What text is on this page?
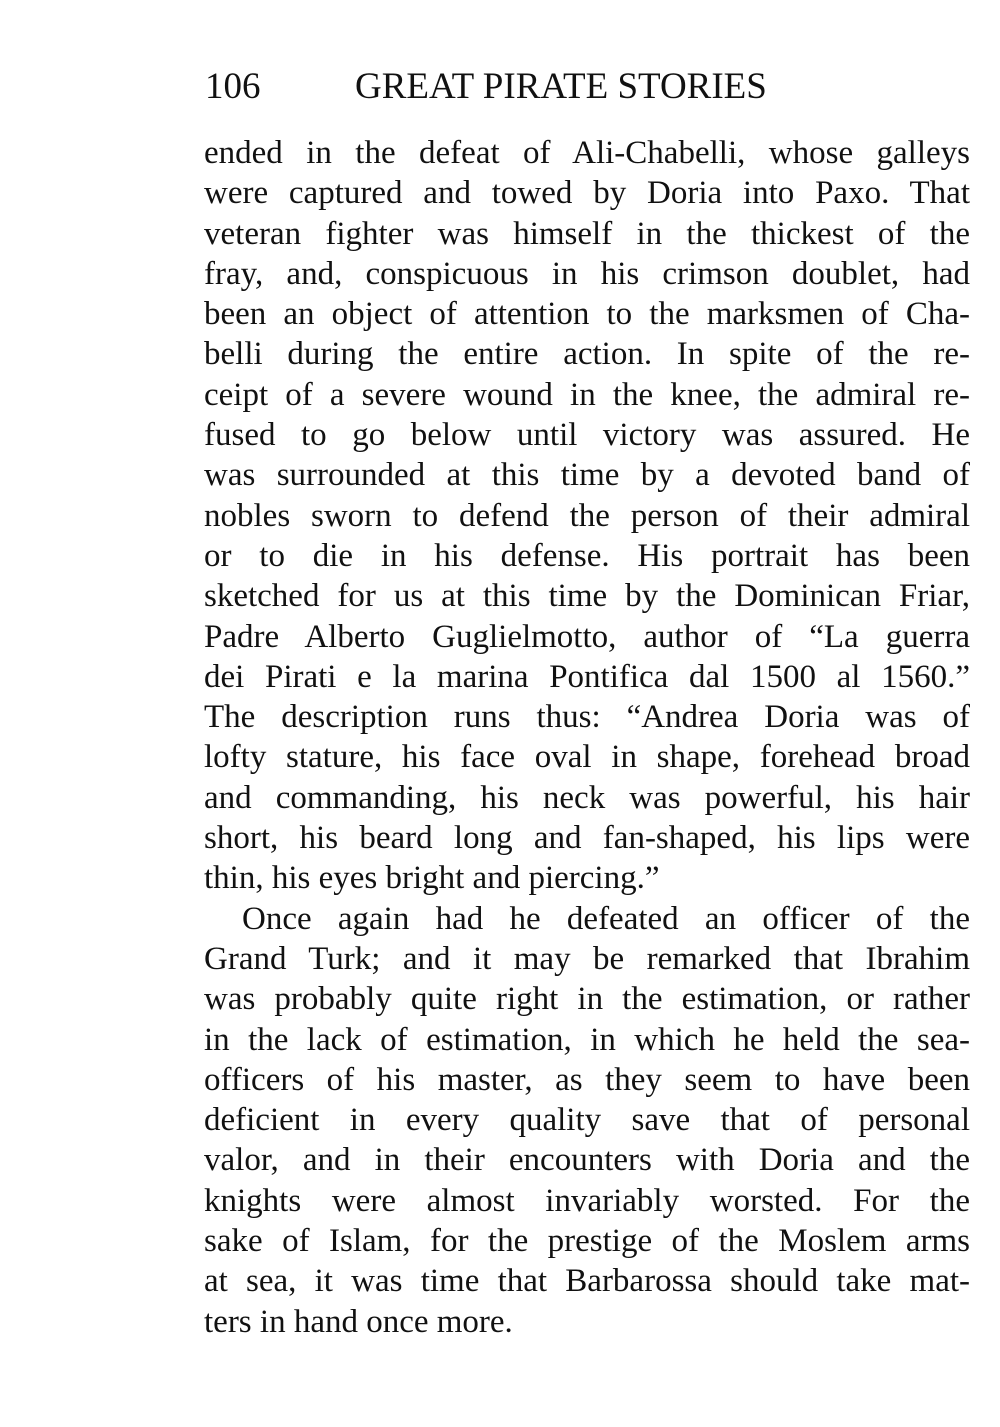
106	GREAT PIRATE STORIES
ended in the defeat of Ali-Chabelli, whose galleys
were captured and towed by Doria into Paxo. That
veteran fighter was himself in the thickest of the
fray, and, conspicuous in his crimson doublet, had
been an object of attention to the marksmen of Cha-
belli during the entire action. In spite of the re-
ceipt of a severe wound in the knee, the admiral re-
fused to go below until victory was assured. He
was surrounded at this time by a devoted band of
nobles sworn to defend the person of their admiral
or to die in his defense. His portrait has been
sketched for us at this time by the Dominican Friar,
Padre Alberto Guglielmotto, author of “La guerra
dei Pirati e la marina Pontifica dal 1500 al 1560.”
The description runs thus: “Andrea Doria was of
lofty stature, his face oval in shape, forehead broad
and commanding, his neck was powerful, his hair
short, his beard long and fan-shaped, his lips were
thin, his eyes bright and piercing.”
Once again had he defeated an officer of the
Grand Turk; and it may be remarked that Ibrahim
was probably quite right in the estimation, or rather
in the lack of estimation, in which he held the sea-
officers of his master, as they seem to have been
deficient in every quality save that of personal
valor, and in their encounters with Doria and the
knights were almost invariably worsted. For the
sake of Islam, for the prestige of the Moslem arms
at sea, it was time that Barbarossa should take mat-
ters in hand once more.
